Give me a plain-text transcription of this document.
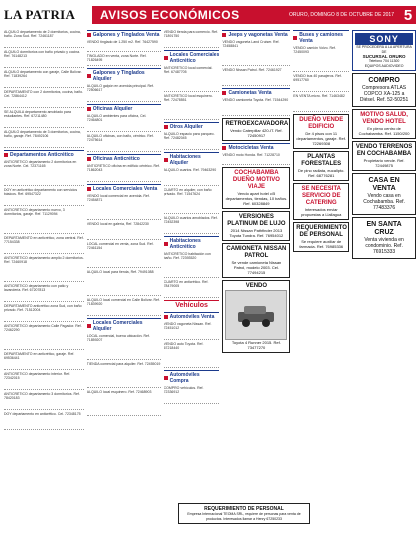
LA PATRIA	AVISOS ECONÓMICOS	ORURO, DOMINGO 8 DE OCTUBRE DE 2017 5
ALQUILO departamento de 2 dormitorios, cocina, baño. Zona Sud. Ref. 72461187
ALQUILO dormitorios con baño privado y cocina. Ref. 76148213
ALQUILO departamento con garaje, Calle Bolívar. Ref. 71839264
DEPARTAMENTO con 2 dormitorios, cocina, baño. Cel. 72864412
SE ALQUILA departamento amoblado para estudiantes. Ref. 67211480
ALQUILO departamento de 3 dormitorios, cocina, baño, garaje. Ref. 78492106
Departamentos Anticrético
ANTICRÉTICO departamento 2 dormitorios en zona Norte. Cel. 72371165
DOY en anticrético departamento con servicios básicos. Ref. 69547322
ANTICRÉTICO departamento nuevo, 3 dormitorios, garaje. Ref. 71129094
DEPARTAMENTO en anticrético, zona central. Ref. 77154338
ANTICRÉTICO departamento amplio 2 dormitorios. Ref. 72460918
ANTICRÉTICO departamento con patio y lavandería. Ref. 67207813
DEPARTAMENTO anticrético zona Sud, con baño privado. Ref. 71512004
ANTICRÉTICO departamento Calle Pagador. Ref. 72462290
DEPARTAMENTO en anticrético, garaje. Ref. 69536441
ANTICRÉTICO departamento interior. Ref. 72342015
ANTICRÉTICO departamento 3 dormitorios. Ref. 78420183
DOY departamento en anticrético. Cel. 72348175
Galpones y Tinglados Venta
VENDO tinglado de 1.250 m2. Ref. 76427590
TINGLADO en venta, zona Norte. Ref. 71826495
Galpones y Tinglados Alquiler
ALQUILO galpón en avenida principal. Ref. 72506617
Oficinas Alquiler
ALQUILO ambientes para oficina, Cel. 72464801
ALQUILO oficinas, con baño, céntrico. Ref. 72475614
Oficinas Anticrético
ANTICRÉTICO oficina en edificio céntrico. Ref. 71862043
Locales Comerciales Venta
VENDO local comercial en avenida. Ref. 72454871
VENDO local en galería, Ref. 72842230
LOCAL comercial en venta, zona Sud. Ref. 72461154
ALQUILO local para tienda, Ref. 79491088
ALQUILO local comercial en Calle Bolívar. Ref. 71839920
Locales Comerciales Alquiler
LOCAL comercial, buena ubicación. Ref. 71859207
TIENDA comercial para alquiler. Ref. 72455019
ALQUILO local esquinero. Ref. 72468903
VENDO tienda para comercio. Ref. 71891750
Locales Comerciales Anticrético
ANTICRÉTICO local comercial. Ref. 67487705
ANTICRÉTICO local esquinero. Ref. 72478551
Otros Alquiler
ALQUILO espacio para parqueo. Ref. 72482045
Habitaciones Alquiler
ALQUILO cuartos. Ref. 79463290
CUARTO en alquiler, con baño privado. Ref. 71547624
ALQUILO cuartos amoblados. Ref. 72452398
Habitaciones Anticrético
ANTICRÉTICO habitación con baño. Ref. 72393520
CUARTO en anticrético. Ref. 78479005
Vehículos
Automóviles Venta
VENDO vagoneta Nissan. Ref. 72451012
VENDO auto Toyota. Ref. 67218440
Automóviles Compra
COMPRO vehículos. Ref. 72336912
Jeeps y vagonetas Venta
VENDO vagoneta Land Cruiser. Ref. 72458841
VENDO Nissan Patrol. Ref. 72461927
Camionetas Venta
VENDO camioneta Toyota. Ref. 71544290
RETROEXCAVADORA
Vendo Caterpillar 420-IT. Ref. 72450917
Motocicletas Venta
VENDO moto Honda. Ref. 71228710
COCHABAMBA DUEÑO MOTIVO VIAJE
Vendo apart hotel c/5 departamentos, tiendas, 10 baños. Ref. 60328849
VERSIONES PLATINUM DE LUJO
2014 Nissan Pathfinder 2013 Toyota Tundra. Ref. 76954012
CAMIONETA NISSAN PATROL
Se vende camioneta Nissan Patrol, modelo 2003. Cel. 77494215
VENDO
Toyota 4 Runner 2015. Ref. 73477270
Buses y camiones Venta
VENDO camión Volvo. Ref. 72450093
VENDO bus 40 pasajeros. Ref. 69517760
EN VENTA micro. Ref. 71463482
DUEÑO VENDE EDIFICIO
De 4 pisos con 11 departamentos, garaje. Ref. 72269308
PLANTAS FORESTALES
De pino radiata, eucalipto. Ref. 68776281
SE NECESITA SERVICIO DE CATERING
Interesados enviar propuestas a Llallagua
REQUERIMIENTO DE PERSONAL
Se requiere auxiliar de farmacia. Ref. 76985336
SONY
SE PROCEDERÁ A LA APERTURA DE
SUCURSAL ORURO
Telefono 704 11300
EQUIPOS AUDIOVIDEO
COMPRO
Compresora ATLAS COPCO XA-125 a Diésel. Ref. 52-50251
MOTIVO SALUD, VENDO HOTEL
En pleno centro de Cochabamba. Ref. 1150/200
VENDO TERRENOS EN COCHABAMBA
Propietario vende. Ref. 72449875
CASA EN VENTA
Vendo casa en Cochabamba. Ref. 77483376
EN SANTA CRUZ
Venta vivienda en condominio. Ref. 76915333
REQUERIMIENTO DE PERSONAL
Empresa Internacional TEOMA SRL, requiere de personas para venta de productos. Interesados llamar a Henry 67250233
